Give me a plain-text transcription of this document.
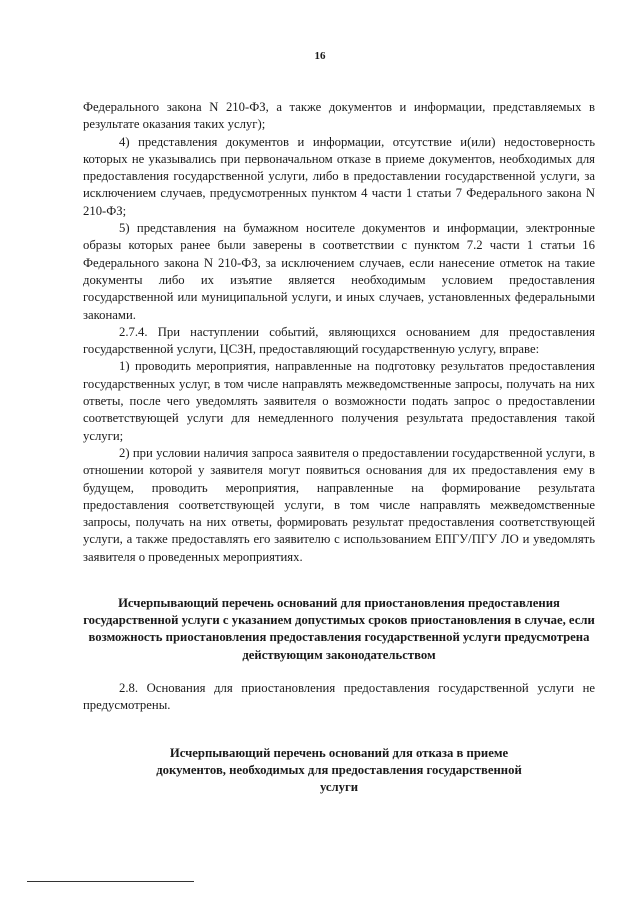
16

Федерального закона N 210-ФЗ, а также документов и информации, представляемых в результате оказания таких услуг);

4) представления документов и информации, отсутствие и(или) недостоверность которых не указывались при первоначальном отказе в приеме документов, необходимых для предоставления государственной услуги, либо в предоставлении государственной услуги, за исключением случаев, предусмотренных пунктом 4 части 1 статьи 7 Федерального закона N 210-ФЗ;

5) представления на бумажном носителе документов и информации, электронные образы которых ранее были заверены в соответствии с пунктом 7.2 части 1 статьи 16 Федерального закона N 210-ФЗ, за исключением случаев, если нанесение отметок на такие документы либо их изъятие является необходимым условием предоставления государственной или муниципальной услуги, и иных случаев, установленных федеральными законами.

2.7.4. При наступлении событий, являющихся основанием для предоставления государственной услуги, ЦСЗН, предоставляющий государственную услугу, вправе:

1) проводить мероприятия, направленные на подготовку результатов предоставления государственных услуг, в том числе направлять межведомственные запросы, получать на них ответы, после чего уведомлять заявителя о возможности подать запрос о предоставлении соответствующей услуги для немедленного получения результата предоставления такой услуги;

2) при условии наличия запроса заявителя о предоставлении государственной услуги, в отношении которой у заявителя могут появиться основания для их предоставления ему в будущем, проводить мероприятия, направленные на формирование результата предоставления соответствующей услуги, в том числе направлять межведомственные запросы, получать на них ответы, формировать результат предоставления соответствующей услуги, а также предоставлять его заявителю с использованием ЕПГУ/ПГУ ЛО и уведомлять заявителя о проведенных мероприятиях.

Исчерпывающий перечень оснований для приостановления предоставления государственной услуги с указанием допустимых сроков приостановления в случае, если возможность приостановления предоставления государственной услуги предусмотрена действующим законодательством

2.8. Основания для приостановления предоставления государственной услуги не предусмотрены.

Исчерпывающий перечень оснований для отказа в приеме документов, необходимых для предоставления государственной услуги
